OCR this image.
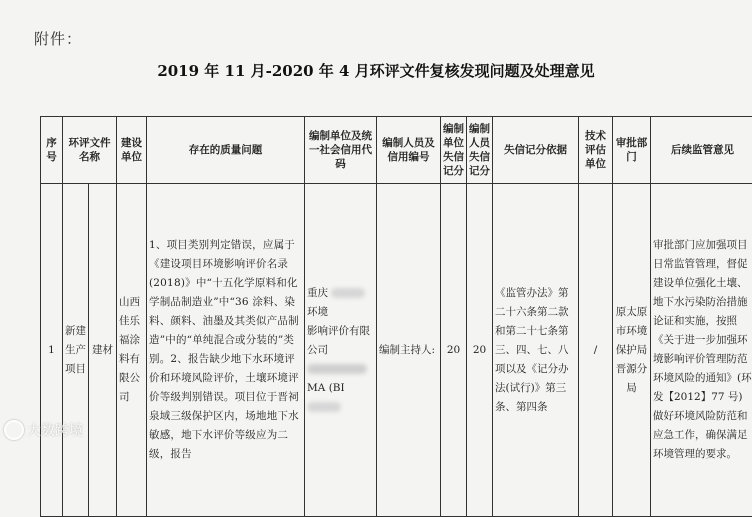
附件：
2019 年 11 月-2020 年 4 月环评文件复核发现问题及处理意见
序号	环评文件名称		建设单位	存在的质量问题	编制单位及统一社会信用代码	编制人员及信用编号	编制单位失信记分	编制人员失信记分	失信记分依据	技术评估单位	审批部门	后续监管意见
1	新建生产项目	建材	山西佳乐福涂料有限公司	1、项目类别判定错误，应属于《建设项目环境影响评价名录(2018)》中“十五化学原料和化学制品制造业”中“36 涂料、染料、颜料、油墨及其类似产品制造”中的“单纯混合或分装的”类别。2、报告缺少地下水环境评价和环境风险评价，土壤环境评价等级判别错误。项目位于晋祠泉域三级保护区内，场地地下水敏感，地下水评价等级应为二级，报告	重庆  环境
影响评价有限公司
MA (BI	编制主持人:	20	20	《监管办法》第二十六条第二款和第二十七条第三、四、七、八项以及《记分办法(试行)》第三条、第四条	/	原太原市环境保护局晋源分局	审批部门应加强项目日常监管管理，督促建设单位强化土壤、地下水污染防治措施论证和实施，按照《关于进一步加强环境影响评价管理防范环境风险的通知》(环发【2012】77 号)做好环境风险防范和应急工作，确保满足环境管理的要求。
大数跨境
